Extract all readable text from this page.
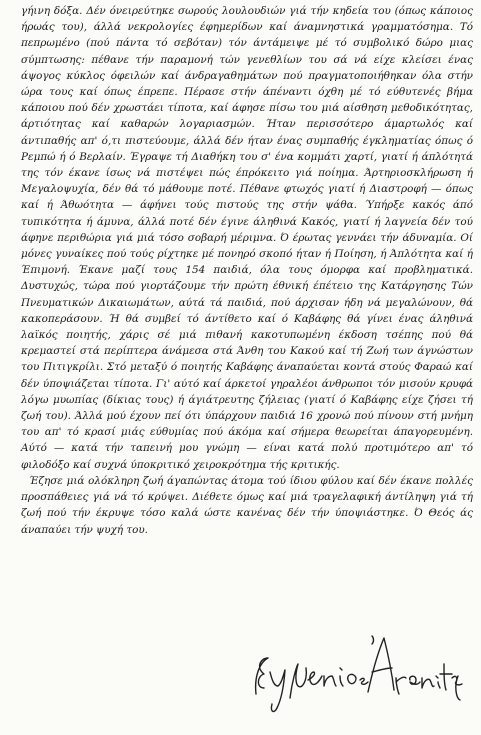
γήινη δόξα. Δέν όνειρεύτηκε σωρούς λουλουδιών γιά τήν κηδεία του (όπως κάποιος ήρωάς του), άλλά νεκρολογίες έφημερίδων καί άναμνηστικά γραμματόσημα. Τό πεπρωμένο (πού πάντα τό σεβόταν) τόν άντάμειψε μέ τό συμβολικό δώρο μιας σύμπτωσης: πέθανε τήν παραμονή τών γενεθλίων του σά νά είχε κλείσει ένας άψογος κύκλος όφειλών καί άνδραγαθημάτων πού πραγματοποιήθηκαν όλα στήν ώρα τους καί όπως έπρεπε. Πέρασε στήν άπέναντι όχθη μέ τό εύθυτενές βήμα κάποιου πού δέν χρωστάει τίποτα, καί άφησε πίσω του μιά αίσθηση μεθοδικότητας, άρτιότητας καί καθαρών λογαριασμών. Ήταν περισσότερο άμαρτωλός καί άντιπαθής απ' ό,τι πιστεύουμε, άλλά δέν ήταν ένας συμπαθής έγκληματίας όπως ό Ρεμπώ ή ό Βερλαίν. Έγραψε τή Διαθήκη του σ' ένα κομμάτι χαρτί, γιατί ή άπλότητά της τόν έκανε ίσως νά πιστέψει πώς έπρόκειτο γιά ποίημα. Άρτηριοσκλήρωση ή Μεγαλοψυχία, δέν θά τό μάθουμε ποτέ. Πέθανε φτωχός γιατί ή Διαστροφή — όπως καί ή Άθωότητα — άφήνει τούς πιστούς της στήν ψάθα. Ύπήρξε κακός άπό τυπικότητα ή άμυνα, άλλά ποτέ δέν έγινε άληθινά Κακός, γιατί ή λαγνεία δέν τού άφηνε περιθώρια γιά μιά τόσο σοβαρή μέριμνα. Ό έρωτας γεννάει τήν άδυναμία. Οί μόνες γυναίκες πού τούς ρίχτηκε μέ πονηρό σκοπό ήταν ή Ποίηση, ή Άπλότητα καί ή Έπιμονή. Έκανε μαζί τους 154 παιδιά, όλα τους όμορφα καί προβληματικά. Δυστυχώς, τώρα πού γιορτάζουμε τήν πρώτη έθνική έπέτειο της Κατάργησης Τών Πνευματικών Δικαιωμάτων, αύτά τά παιδιά, πού άρχισαν ήδη νά μεγαλώνουν, θά κακοπεράσουν. Ή θά συμβεί τό άντίθετο καί ό Καβάφης θά γίνει ένας άληθινά λαϊκός ποιητής, χάρις σέ μιά πιθανή κακοτυπωμένη έκδοση τσέπης πού θά κρεμαστεί στά περίπτερα άνάμεσα στά Άνθη του Κακού καί τή Ζωή των άγνώστων του Πιτιγκρίλι. Στό μεταξύ ό ποιητής Καβάφης άναπαύεται κοντά στούς Φαραώ καί δέν ύποψιάζεται τίποτα. Γι' αύτό καί άρκετοί γηραλέοι άνθρωποι τόν μισούν κρυφά λόγω μυωπίας (δίκιας τους) ή άγιάτρευτης ζήλειας (γιατί ό Καβάφης είχε ζήσει τή ζωή του). Άλλά μού έχουν πεί ότι ύπάρχουν παιδιά 16 χρονώ πού πίνουν στή μνήμη του απ' τό κρασί μιάς εύθυμίας πού άκόμα καί σήμερα θεωρείται άπαγορευμένη. Αύτό — κατά τήν ταπεινή μου γνώμη — είναι κατά πολύ προτιμότερο απ' τό φιλοδόξο καί συχνά ύποκριτικό χειροκρότημα τής κριτικής.

Έζησε μιά ολόκληρη ζωή άγαπώντας άτομα τού ίδιου φύλου καί δέν έκανε πολλές προσπάθειες γιά νά τό κρύψει. Διέθετε όμως καί μιά τραγελαφική άντίληψη γιά τή ζωή πού τήν έκρυψε τόσο καλά ώστε κανένας δέν τήν ύποψιάστηκε. Ό Θεός άς άναπαύει τήν ψυχή του.
